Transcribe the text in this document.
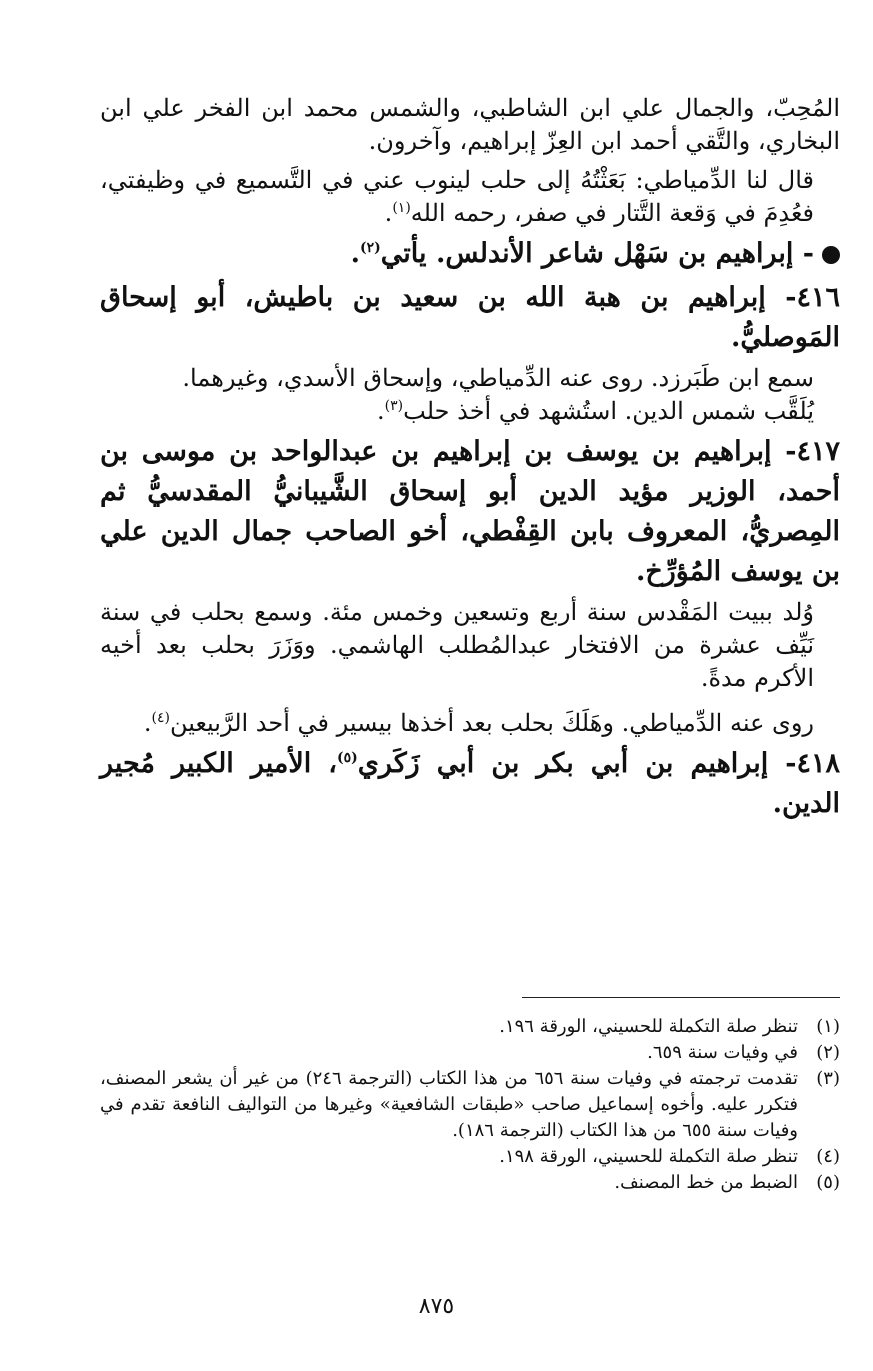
المُحِبّ، والجمال علي ابن الشاطبي، والشمس محمد ابن الفخر علي ابن البخاري، والتَّقي أحمد ابن العِزّ إبراهيم، وآخرون.

قال لنا الدِّمياطي: بَعَثْتُهُ إلى حلب لينوب عني في التَّسميع في وظيفتي، فعُدِمَ في وَقعة التَّتار في صفر، رحمه الله$^{(١)}$.

- إبراهيم بن سَهْل شاعر الأندلس. يأتي$^{(٢)}$.

٤١٦- إبراهيم بن هبة الله بن سعيد بن باطيش، أبو إسحاق المَوصليُّ.

سمع ابن طَبَرزد. روى عنه الدِّمياطي، وإسحاق الأسدي، وغيرهما.

يُلَقَّب شمس الدين. استُشهد في أخذ حلب$^{(٣)}$.

٤١٧- إبراهيم بن يوسف بن إبراهيم بن عبدالواحد بن موسى بن أحمد، الوزير مؤيد الدين أبو إسحاق الشَّيبانيُّ المقدسيُّ ثم المِصريُّ، المعروف بابن القِفْطي، أخو الصاحب جمال الدين علي بن يوسف المُؤرِّخ.

وُلد ببيت المَقْدس سنة أربع وتسعين وخمس مئة. وسمع بحلب في سنة نَيِّف عشرة من الافتخار عبدالمُطلب الهاشمي. ووَزَرَ بحلب بعد أخيه الأكرم مدةً.

روى عنه الدِّمياطي. وهَلَكَ بحلب بعد أخذها بيسير في أحد الرَّبيعين$^{(٤)}$.

٤١٨- إبراهيم بن أبي بكر بن أبي زَكَري$^{(٥)}$، الأمير الكبير مُجير الدين.

(١)
تنظر صلة التكملة للحسيني، الورقة ١٩٦.
(٢)
في وفيات سنة ٦٥٩.
(٣)
تقدمت ترجمته في وفيات سنة ٦٥٦ من هذا الكتاب (الترجمة ٢٤٦) من غير أن يشعر المصنف، فتكرر عليه. وأخوه إسماعيل صاحب «طبقات الشافعية» وغيرها من التواليف النافعة تقدم في وفيات سنة ٦٥٥ من هذا الكتاب (الترجمة ١٨٦).
(٤)
تنظر صلة التكملة للحسيني، الورقة ١٩٨.
(٥)
الضبط من خط المصنف.
٨٧٥
